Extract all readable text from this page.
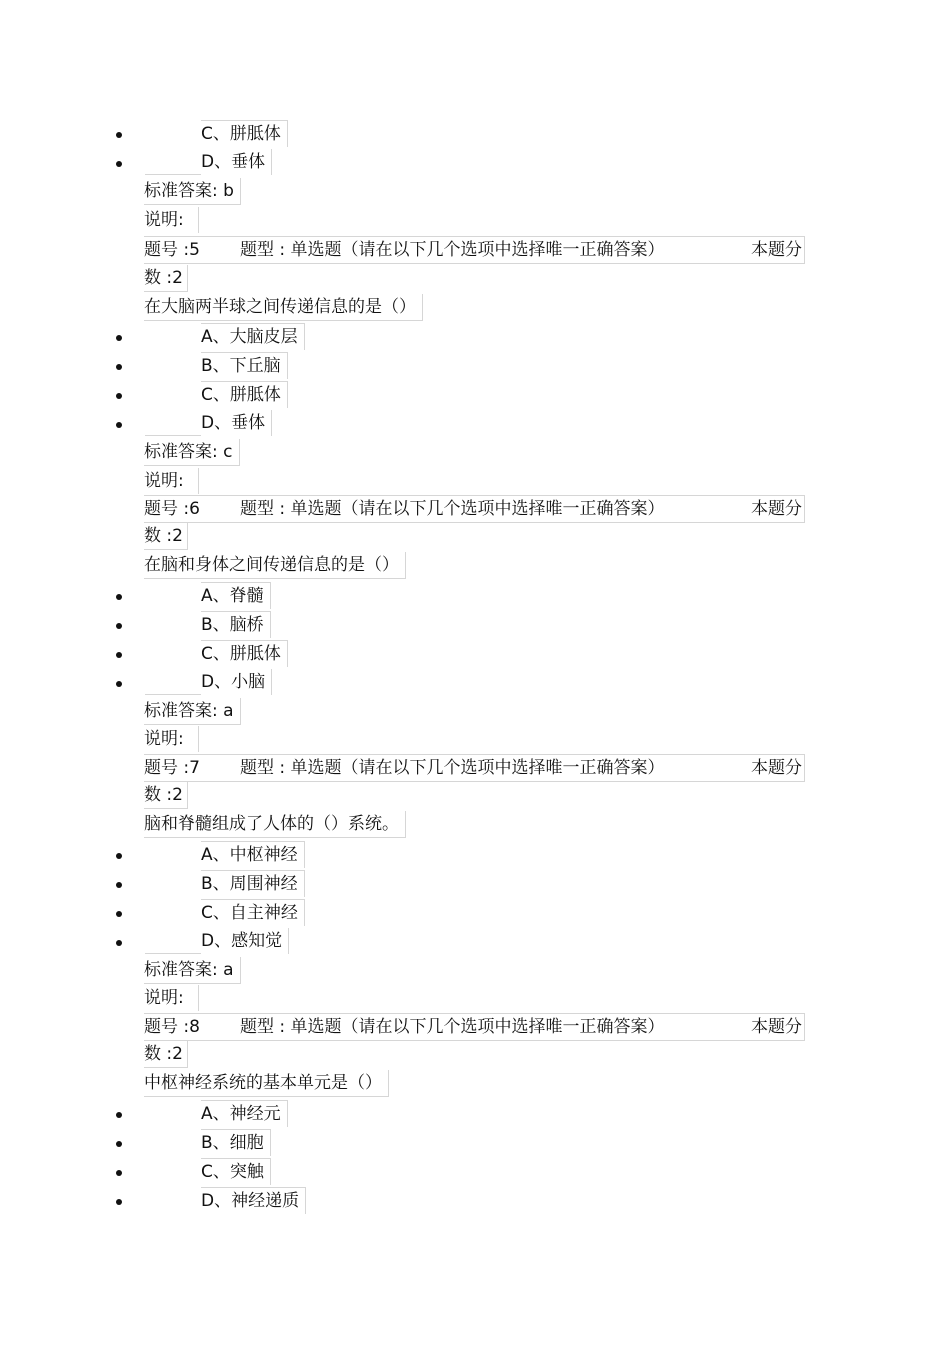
C、胼胝体
D、垂体
标准答案: b
说明:
题号 :5 题型 : 单选题（请在以下几个选项中选择唯一正确答案）	本题分
数 :2
在大脑两半球之间传递信息的是（）
A、大脑皮层
B、下丘脑
C、胼胝体
D、垂体
标准答案: c
说明:
题号 :6 题型 : 单选题（请在以下几个选项中选择唯一正确答案）	本题分
数 :2
在脑和身体之间传递信息的是（）
A、脊髓
B、脑桥
C、胼胝体
D、小脑
标准答案: a
说明:
题号 :7 题型 : 单选题（请在以下几个选项中选择唯一正确答案）	本题分
数 :2
脑和脊髓组成了人体的（）系统。
A、中枢神经
B、周围神经
C、自主神经
D、感知觉
标准答案: a
说明:
题号 :8 题型 : 单选题（请在以下几个选项中选择唯一正确答案）	本题分
数 :2
中枢神经系统的基本单元是（）
A、神经元
B、细胞
C、突触
D、神经递质
